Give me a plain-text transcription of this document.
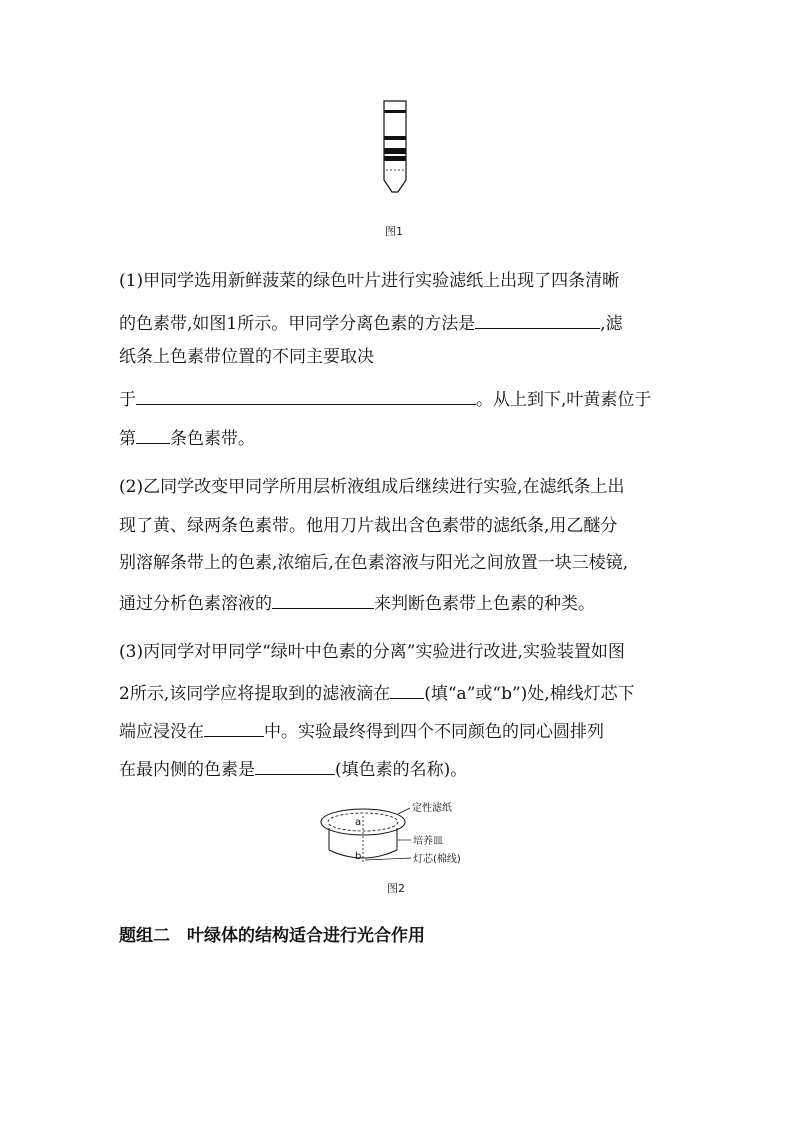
图1
(1)甲同学选用新鲜菠菜的绿色叶片进行实验滤纸上出现了四条清晰
的色素带,如图1所示。甲同学分离色素的方法是	,滤
纸条上色素带位置的不同主要取决
于	。从上到下,叶黄素位于
第 条色素带。
(2)乙同学改变甲同学所用层析液组成后继续进行实验,在滤纸条上出
现了黄、绿两条色素带。他用刀片裁出含色素带的滤纸条,用乙醚分
别溶解条带上的色素,浓缩后,在色素溶液与阳光之间放置一块三棱镜,
通过分析色素溶液的	来判断色素带上色素的种类。
(3)丙同学对甲同学“绿叶中色素的分离”实验进行改进,实验装置如图
2所示,该同学应将提取到的滤液滴在 (填“a”或“b”)处,棉线灯芯下
端应浸没在	中。实验最终得到四个不同颜色的同心圆排列
在最内侧的色素是	(填色素的名称)。
a
b
定性滤纸
培养皿
灯芯(棉线)
图2
题组二　叶绿体的结构适合进行光合作用
